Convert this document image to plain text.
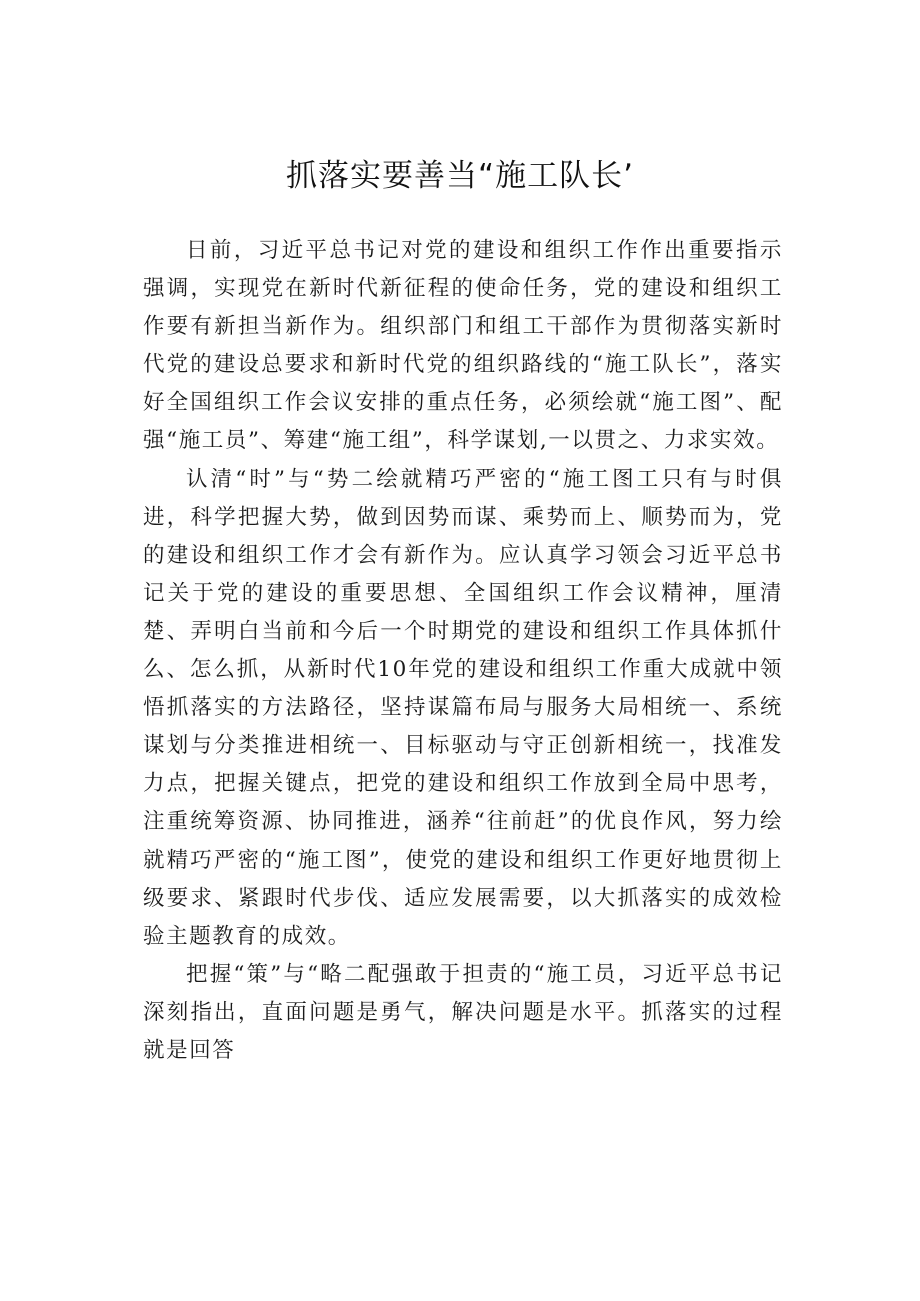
抓落实要善当“施工队长’

日前，习近平总书记对党的建设和组织工作作出重要指示强调，实现党在新时代新征程的使命任务，党的建设和组织工作要有新担当新作为。组织部门和组工干部作为贯彻落实新时代党的建设总要求和新时代党的组织路线的“施工队长”，落实好全国组织工作会议安排的重点任务，必须绘就“施工图”、配强“施工员”、筹建“施工组”，科学谋划,一以贯之、力求实效。

认清“时”与“势二绘就精巧严密的“施工图工只有与时俱进，科学把握大势，做到因势而谋、乘势而上、顺势而为，党的建设和组织工作才会有新作为。应认真学习领会习近平总书记关于党的建设的重要思想、全国组织工作会议精神，厘清楚、弄明白当前和今后一个时期党的建设和组织工作具体抓什么、怎么抓，从新时代10年党的建设和组织工作重大成就中领悟抓落实的方法路径，坚持谋篇布局与服务大局相统一、系统谋划与分类推进相统一、目标驱动与守正创新相统一，找准发力点，把握关键点，把党的建设和组织工作放到全局中思考，注重统筹资源、协同推进，涵养“往前赶”的优良作风，努力绘就精巧严密的“施工图”，使党的建设和组织工作更好地贯彻上级要求、紧跟时代步伐、适应发展需要，以大抓落实的成效检验主题教育的成效。

把握“策”与“略二配强敢于担责的“施工员，习近平总书记深刻指出，直面问题是勇气，解决问题是水平。抓落实的过程就是回答
